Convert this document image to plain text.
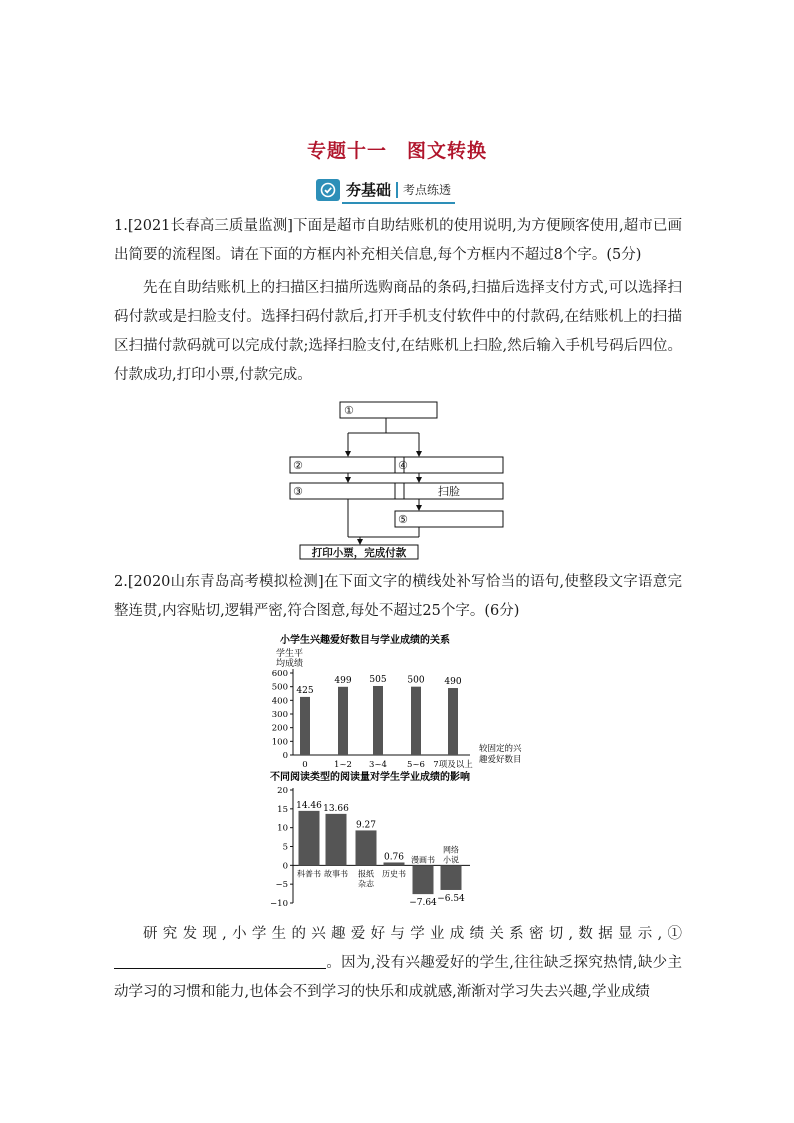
专题十一　图文转换
夯基础 考点练透

1.[2021长春高三质量监测]下面是超市自助结账机的使用说明,为方便顾客使用,超市已画出简要的流程图。请在下面的方框内补充相关信息,每个方框内不超过8个字。(5分)

先在自助结账机上的扫描区扫描所选购商品的条码,扫描后选择支付方式,可以选择扫码付款或是扫脸支付。选择扫码付款后,打开手机支付软件中的付款码,在结账机上的扫描区扫描付款码就可以完成付款;选择扫脸支付,在结账机上扫脸,然后输入手机号码后四位。付款成功,打印小票,付款完成。

①
②
③
④
扫脸
⑤
打印小票，完成付款

2.[2020山东青岛高考模拟检测]在下面文字的横线处补写恰当的语句,使整段文字语意完整连贯,内容贴切,逻辑严密,符合图意,每处不超过25个字。(6分)

小学生兴趣爱好数目与学业成绩的关系
学生平
均成绩
0
100
200
300
400
500
600
425
0
499
1~2
505
3~4
500
5~6
490
7项及以上
较固定的兴
趣爱好数目
不同阅读类型的阅读量对学生学业成绩的影响
−10
−5
0
5
10
15
20
14.46
科普书
13.66
故事书
9.27
报纸
杂志
0.76
历史书
−7.64
漫画书
−6.54
网络
小说

研究发现,小学生的兴趣爱好与学业成绩关系密切,数据显示,①。因为,没有兴趣爱好的学生,往往缺乏探究热情,缺少主动学习的习惯和能力,也体会不到学习的快乐和成就感,渐渐对学习失去兴趣,学业成绩
